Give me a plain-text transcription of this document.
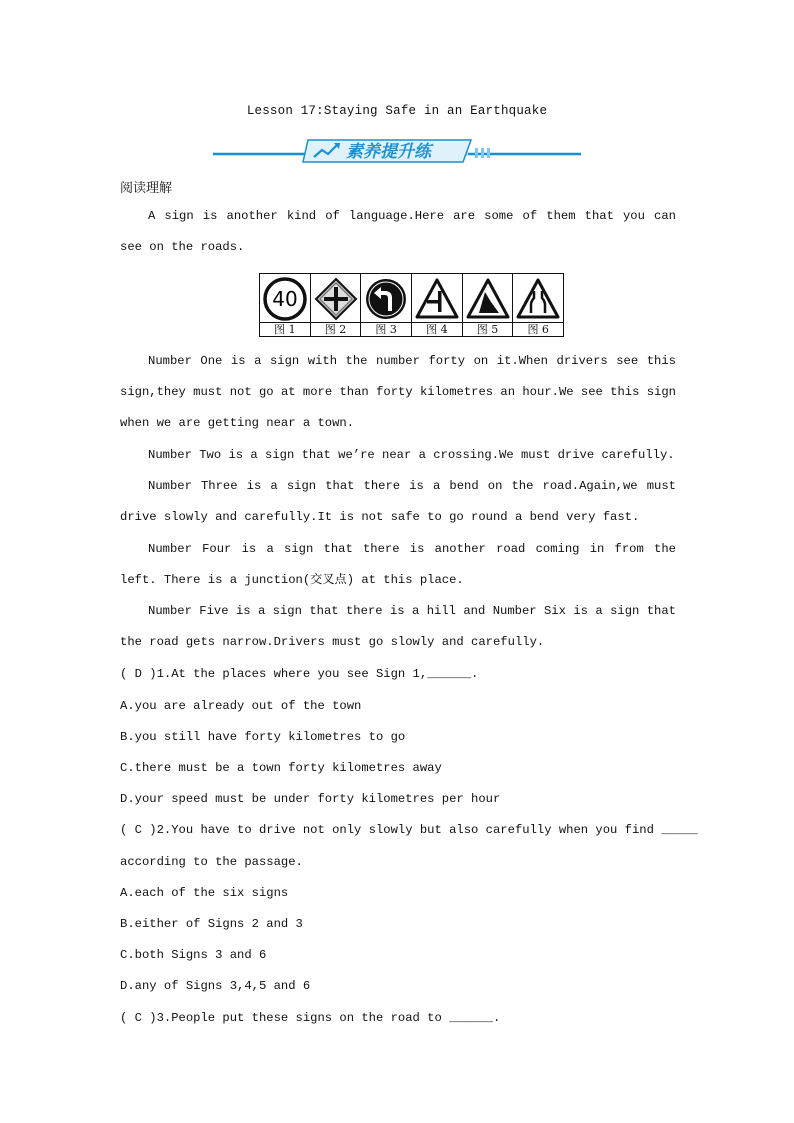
Lesson 17:Staying Safe in an Earthquake
素养提升练
阅读理解
A sign is another kind of language.Here are some of them that you can see on the roads.
40
图 1	图 2	图 3	图 4	图 5	图 6
Number One is a sign with the number forty on it.When drivers see this sign,they must not go at more than forty kilometres an hour.We see this sign when we are getting near a town.
Number Two is a sign that we’re near a crossing.We must drive carefully.
Number Three is a sign that there is a bend on the road.Again,we must drive slowly and carefully.It is not safe to go round a bend very fast.
Number Four is a sign that there is another road coming in from the left. There is a junction(交叉点) at this place.
Number Five is a sign that there is a hill and Number Six is a sign that the road gets narrow.Drivers must go slowly and carefully.
( D )1.At the places where you see Sign 1,______.
A.you are already out of the town
B.you still have forty kilometres to go
C.there must be a town forty kilometres away
D.your speed must be under forty kilometres per hour
( C )2.You have to drive not only slowly but also carefully when you find _____
according to the passage.
A.each of the six signs
B.either of Signs 2 and 3
C.both Signs 3 and 6
D.any of Signs 3,4,5 and 6
( C )3.People put these signs on the road to ______.
